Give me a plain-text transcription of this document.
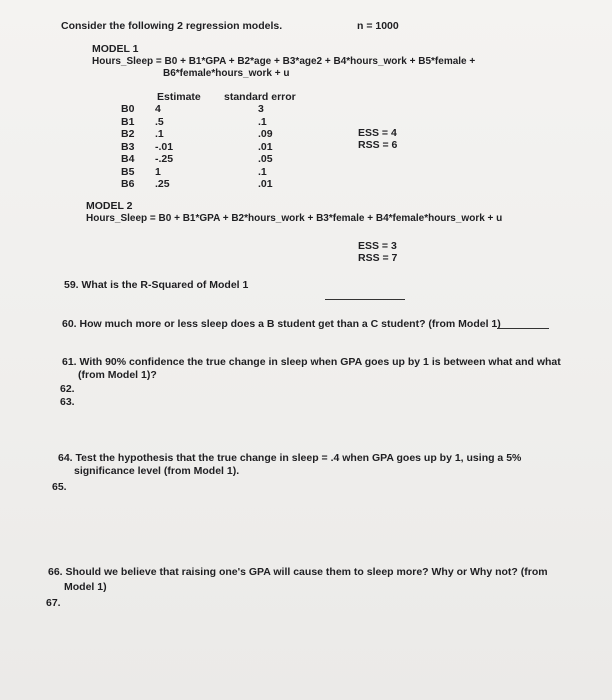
Consider the following 2 regression models.	n = 1000
MODEL 1
Hours_Sleep = B0 + B1*GPA + B2*age + B3*age2 + B4*hours_work + B5*female +
B6*female*hours_work + u
Estimate standard error
B0
B1
B2
B3
B4
B5
B6
4
.5
.1
-.01
-.25
1
.25
3
.1
.09
.01
.05
.1
.01
ESS = 4
RSS = 6
MODEL 2
Hours_Sleep = B0 + B1*GPA + B2*hours_work + B3*female + B4*female*hours_work + u
ESS = 3
RSS = 7
59. What is the R-Squared of Model 1
60. How much more or less sleep does a B student get than a C student? (from Model 1)
61. With 90% confidence the true change in sleep when GPA goes up by 1 is between what and what
(from Model 1)?
62.
63.
64. Test the hypothesis that the true change in sleep = .4 when GPA goes up by 1, using a 5%
significance level (from Model 1).
65.
66. Should we believe that raising one's GPA will cause them to sleep more? Why or Why not? (from
Model 1)
67.
